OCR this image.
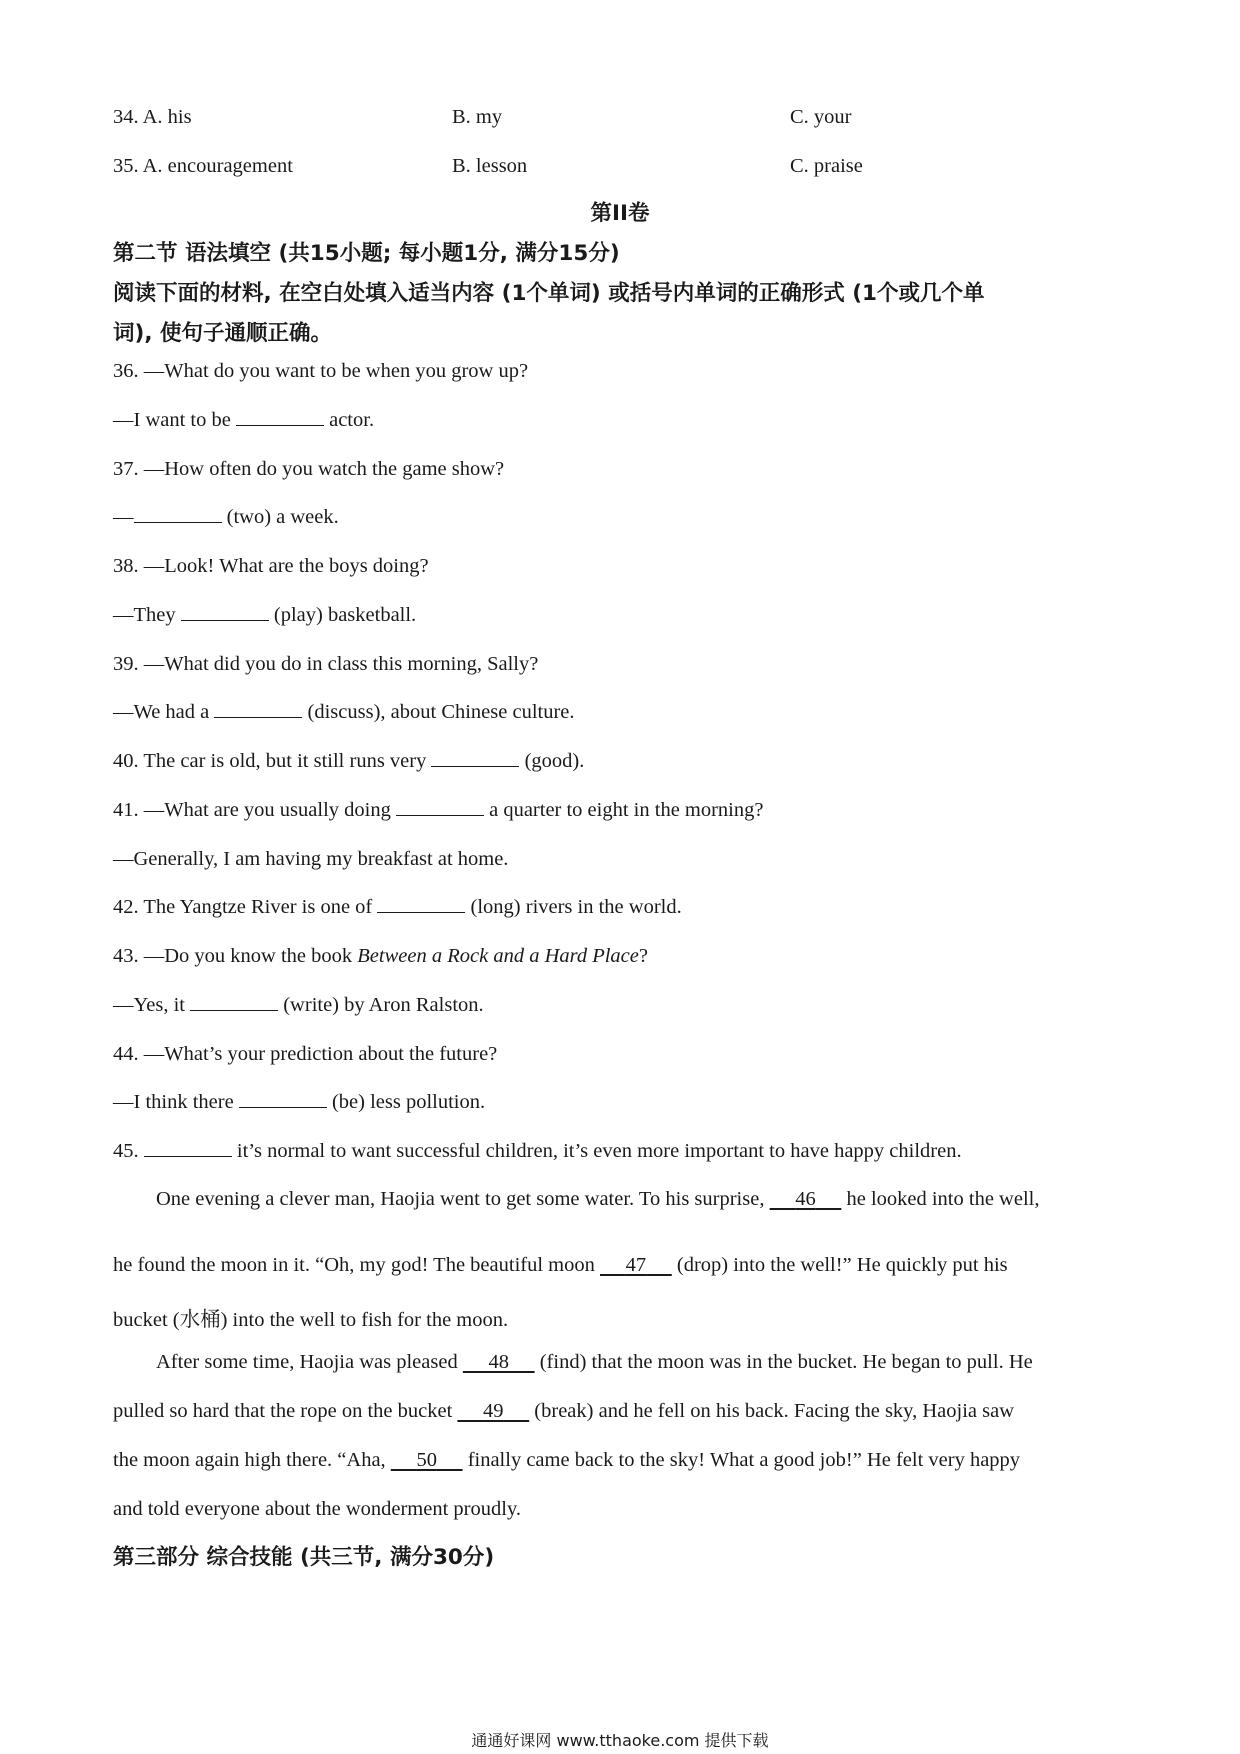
34. A. his	B. my	C. your
35. A. encouragement	B. lesson	C. praise
第II卷
第二节 语法填空 (共15小题; 每小题1分, 满分15分)
阅读下面的材料, 在空白处填入适当内容 (1个单词) 或括号内单词的正确形式 (1个或几个单
词), 使句子通顺正确。
36. —What do you want to be when you grow up?
—I want to be	actor.
37. —How often do you watch the game show?
—	(two) a week.
38. —Look! What are the boys doing?
—They	(play) basketball.
39. —What did you do in class this morning, Sally?
—We had a	(discuss), about Chinese culture.
40. The car is old, but it still runs very	(good).
41. —What are you usually doing	a quarter to eight in the morning?
—Generally, I am having my breakfast at home.
42. The Yangtze River is one of	(long) rivers in the world.
43. —Do you know the book Between a Rock and a Hard Place?
—Yes, it	(write) by Aron Ralston.
44. —What’s your prediction about the future?
—I think there	(be) less pollution.
45.	it’s normal to want successful children, it’s even more important to have happy children.
One evening a clever man, Haojia went to get some water. To his surprise, 46 he looked into the well,
he found the moon in it. “Oh, my god! The beautiful moon 47 (drop) into the well!” He quickly put his
bucket (水桶) into the well to fish for the moon.
After some time, Haojia was pleased 48 (find) that the moon was in the bucket. He began to pull. He
pulled so hard that the rope on the bucket 49 (break) and he fell on his back. Facing the sky, Haojia saw
the moon again high there. “Aha, 50 finally came back to the sky! What a good job!” He felt very happy
and told everyone about the wonderment proudly.
第三部分 综合技能 (共三节, 满分30分)
通通好课网 www.tthaoke.com 提供下载
